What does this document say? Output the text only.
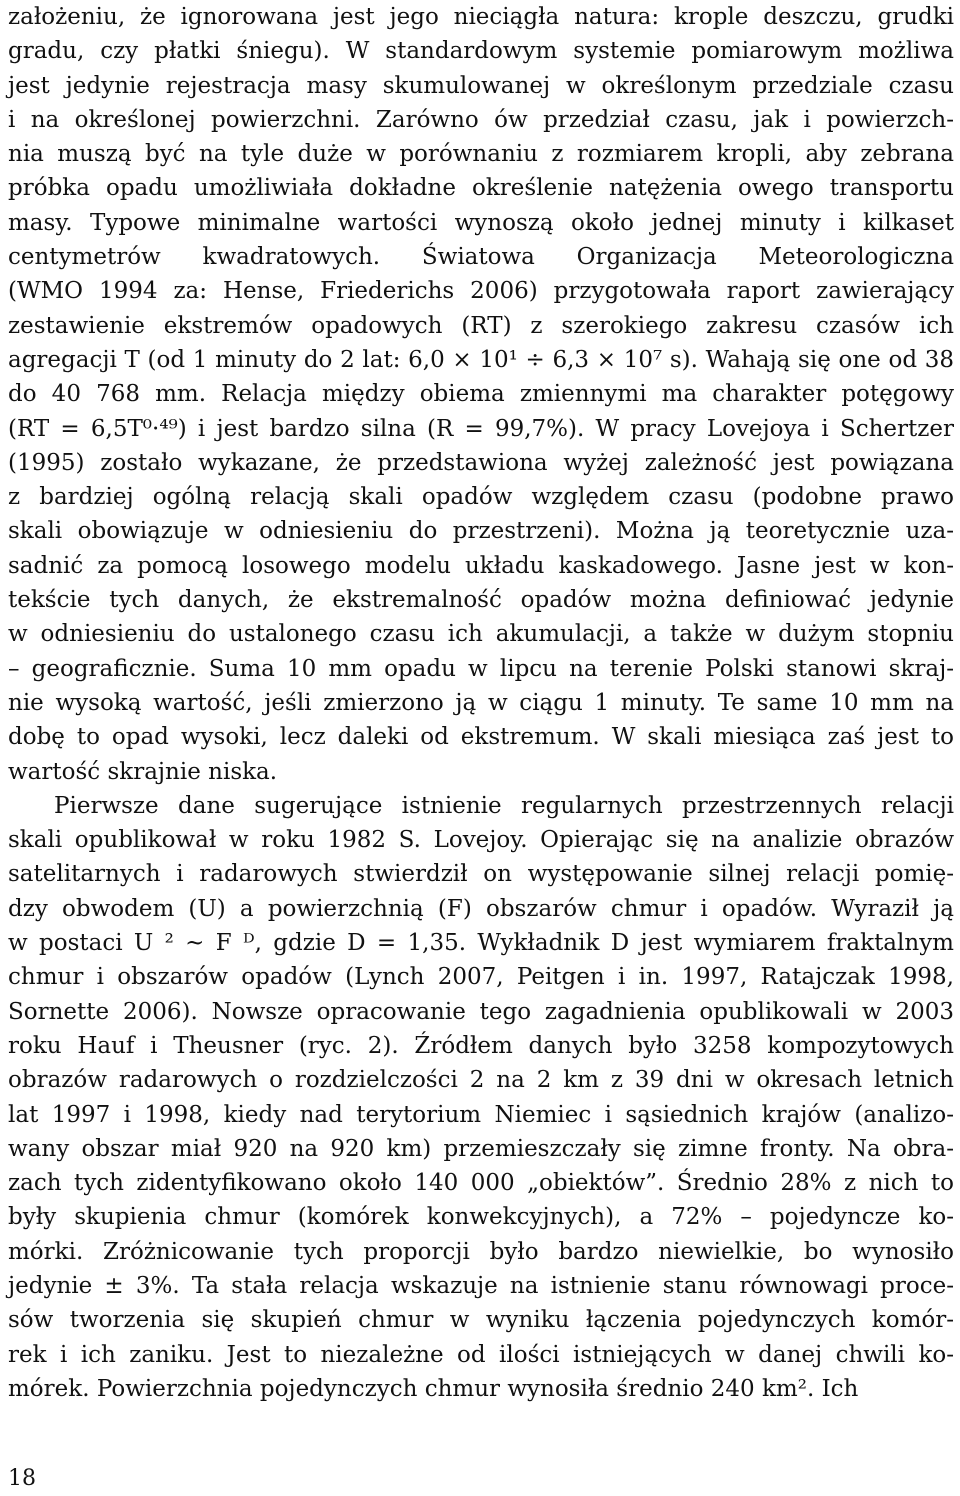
założeniu, że ignorowana jest jego nieciągła natura: krople deszczu, grudki
gradu, czy płatki śniegu). W standardowym systemie pomiarowym możliwa
jest jedynie rejestracja masy skumulowanej w określonym przedziale czasu
i na określonej powierzchni. Zarówno ów przedział czasu, jak i powierzch-
nia muszą być na tyle duże w porównaniu z rozmiarem kropli, aby zebrana
próbka opadu umożliwiała dokładne określenie natężenia owego transportu
masy. Typowe minimalne wartości wynoszą około jednej minuty i kilkaset
centymetrów kwadratowych. Światowa Organizacja Meteorologiczna
(WMO 1994 za: Hense, Friederichs 2006) przygotowała raport zawierający
zestawienie ekstremów opadowych (RT) z szerokiego zakresu czasów ich
agregacji T (od 1 minuty do 2 lat: 6,0 × 10¹ ÷ 6,3 × 10⁷ s). Wahają się one od 38
do 40 768 mm. Relacja między obiema zmiennymi ma charakter potęgowy
(RT = 6,5T⁰·⁴⁹) i jest bardzo silna (R = 99,7%). W pracy Lovejoya i Schertzer
(1995) zostało wykazane, że przedstawiona wyżej zależność jest powiązana
z bardziej ogólną relacją skali opadów względem czasu (podobne prawo
skali obowiązuje w odniesieniu do przestrzeni). Można ją teoretycznie uza-
sadnić za pomocą losowego modelu układu kaskadowego. Jasne jest w kon-
tekście tych danych, że ekstremalność opadów można definiować jedynie
w odniesieniu do ustalonego czasu ich akumulacji, a także w dużym stopniu
– geograficznie. Suma 10 mm opadu w lipcu na terenie Polski stanowi skraj-
nie wysoką wartość, jeśli zmierzono ją w ciągu 1 minuty. Te same 10 mm na
dobę to opad wysoki, lecz daleki od ekstremum. W skali miesiąca zaś jest to
wartość skrajnie niska.
Pierwsze dane sugerujące istnienie regularnych przestrzennych relacji
skali opublikował w roku 1982 S. Lovejoy. Opierając się na analizie obrazów
satelitarnych i radarowych stwierdził on występowanie silnej relacji pomię-
dzy obwodem (U) a powierzchnią (F) obszarów chmur i opadów. Wyraził ją
w postaci U ² ~ F ᴰ, gdzie D = 1,35. Wykładnik D jest wymiarem fraktalnym
chmur i obszarów opadów (Lynch 2007, Peitgen i in. 1997, Ratajczak 1998,
Sornette 2006). Nowsze opracowanie tego zagadnienia opublikowali w 2003
roku Hauf i Theusner (ryc. 2). Źródłem danych było 3258 kompozytowych
obrazów radarowych o rozdzielczości 2 na 2 km z 39 dni w okresach letnich
lat 1997 i 1998, kiedy nad terytorium Niemiec i sąsiednich krajów (analizo-
wany obszar miał 920 na 920 km) przemieszczały się zimne fronty. Na obra-
zach tych zidentyfikowano około 140 000 „obiektów”. Średnio 28% z nich to
były skupienia chmur (komórek konwekcyjnych), a 72% – pojedyncze ko-
mórki. Zróżnicowanie tych proporcji było bardzo niewielkie, bo wynosiło
jedynie ± 3%. Ta stała relacja wskazuje na istnienie stanu równowagi proce-
sów tworzenia się skupień chmur w wyniku łączenia pojedynczych komór-
rek i ich zaniku. Jest to niezależne od ilości istniejących w danej chwili ko-
mórek. Powierzchnia pojedynczych chmur wynosiła średnio 240 km². Ich
18
